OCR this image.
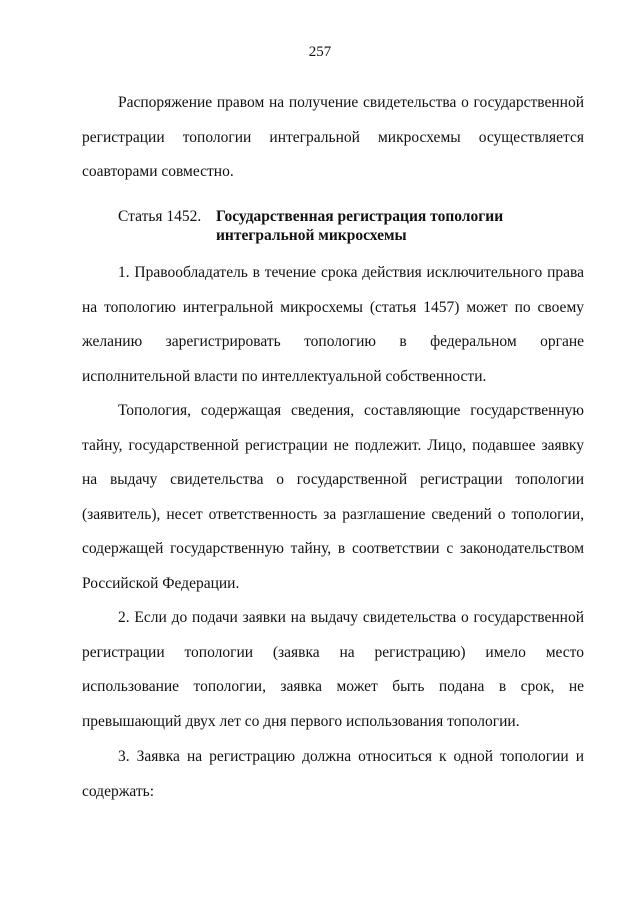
257

Распоряжение правом на получение свидетельства о государственной регистрации топологии интегральной микросхемы осуществляется соавторами совместно.

Статья 1452. Государственная регистрация топологии интегральной микросхемы

1. Правообладатель в течение срока действия исключительного права на топологию интегральной микросхемы (статья 1457) может по своему желанию зарегистрировать топологию в федеральном органе исполнительной власти по интеллектуальной собственности.

Топология, содержащая сведения, составляющие государственную тайну, государственной регистрации не подлежит. Лицо, подавшее заявку на выдачу свидетельства о государственной регистрации топологии (заявитель), несет ответственность за разглашение сведений о топологии, содержащей государственную тайну, в соответствии с законодательством Российской Федерации.

2. Если до подачи заявки на выдачу свидетельства о государственной регистрации топологии (заявка на регистрацию) имело место использование топологии, заявка может быть подана в срок, не превышающий двух лет со дня первого использования топологии.

3. Заявка на регистрацию должна относиться к одной топологии и содержать:
